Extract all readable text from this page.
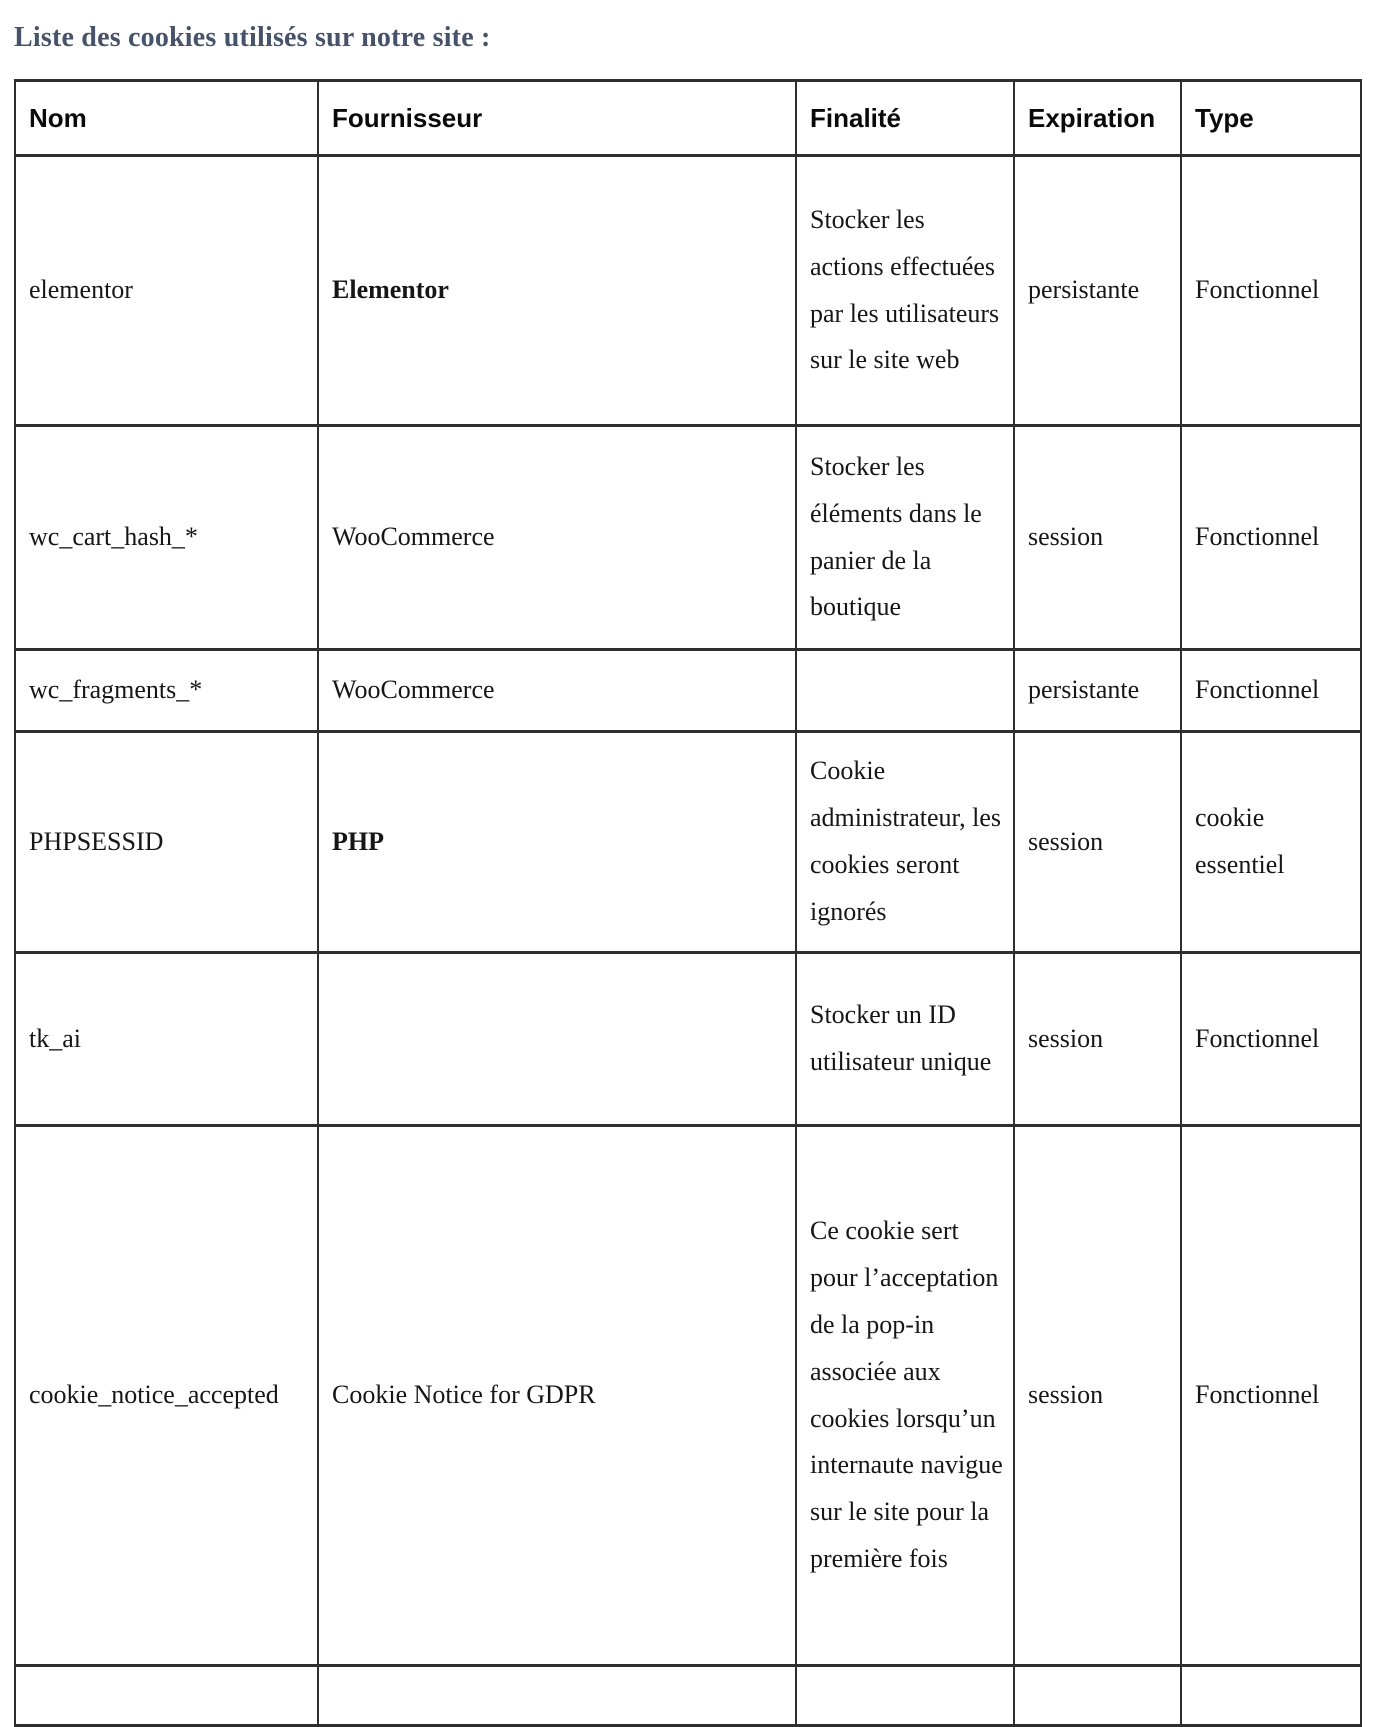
Liste des cookies utilisés sur notre site :
Nom	Fournisseur	Finalité	Expiration	Type
elementor	Elementor	Stocker les actions effectuées par les utilisateurs sur le site web	persistante	Fonctionnel
wc_cart_hash_*	WooCommerce	Stocker les éléments dans le panier de la boutique	session	Fonctionnel
wc_fragments_*	WooCommerce		persistante	Fonctionnel
PHPSESSID	PHP	Cookie administrateur, les cookies seront ignorés	session	cookie essentiel
tk_ai		Stocker un ID utilisateur unique	session	Fonctionnel
cookie_notice_accepted	Cookie Notice for GDPR	Ce cookie sert pour l’acceptation de la pop-in associée aux cookies lorsqu’un internaute navigue sur le site pour la première fois	session	Fonctionnel
